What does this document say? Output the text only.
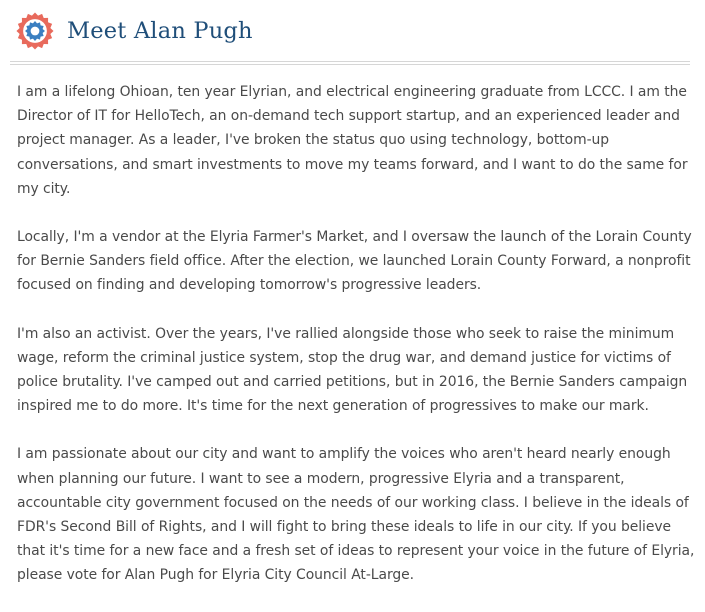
Meet Alan Pugh

I am a lifelong Ohioan, ten year Elyrian, and electrical engineering graduate from LCCC. I am the
Director of IT for HelloTech, an on-demand tech support startup, and an experienced leader and
project manager. As a leader, I've broken the status quo using technology, bottom-up
conversations, and smart investments to move my teams forward, and I want to do the same for
my city.

Locally, I'm a vendor at the Elyria Farmer's Market, and I oversaw the launch of the Lorain County
for Bernie Sanders field office. After the election, we launched Lorain County Forward, a nonprofit
focused on finding and developing tomorrow's progressive leaders.

I'm also an activist. Over the years, I've rallied alongside those who seek to raise the minimum
wage, reform the criminal justice system, stop the drug war, and demand justice for victims of
police brutality. I've camped out and carried petitions, but in 2016, the Bernie Sanders campaign
inspired me to do more. It's time for the next generation of progressives to make our mark.

I am passionate about our city and want to amplify the voices who aren't heard nearly enough
when planning our future. I want to see a modern, progressive Elyria and a transparent,
accountable city government focused on the needs of our working class. I believe in the ideals of
FDR's Second Bill of Rights, and I will fight to bring these ideals to life in our city. If you believe
that it's time for a new face and a fresh set of ideas to represent your voice in the future of Elyria,
please vote for Alan Pugh for Elyria City Council At-Large.
